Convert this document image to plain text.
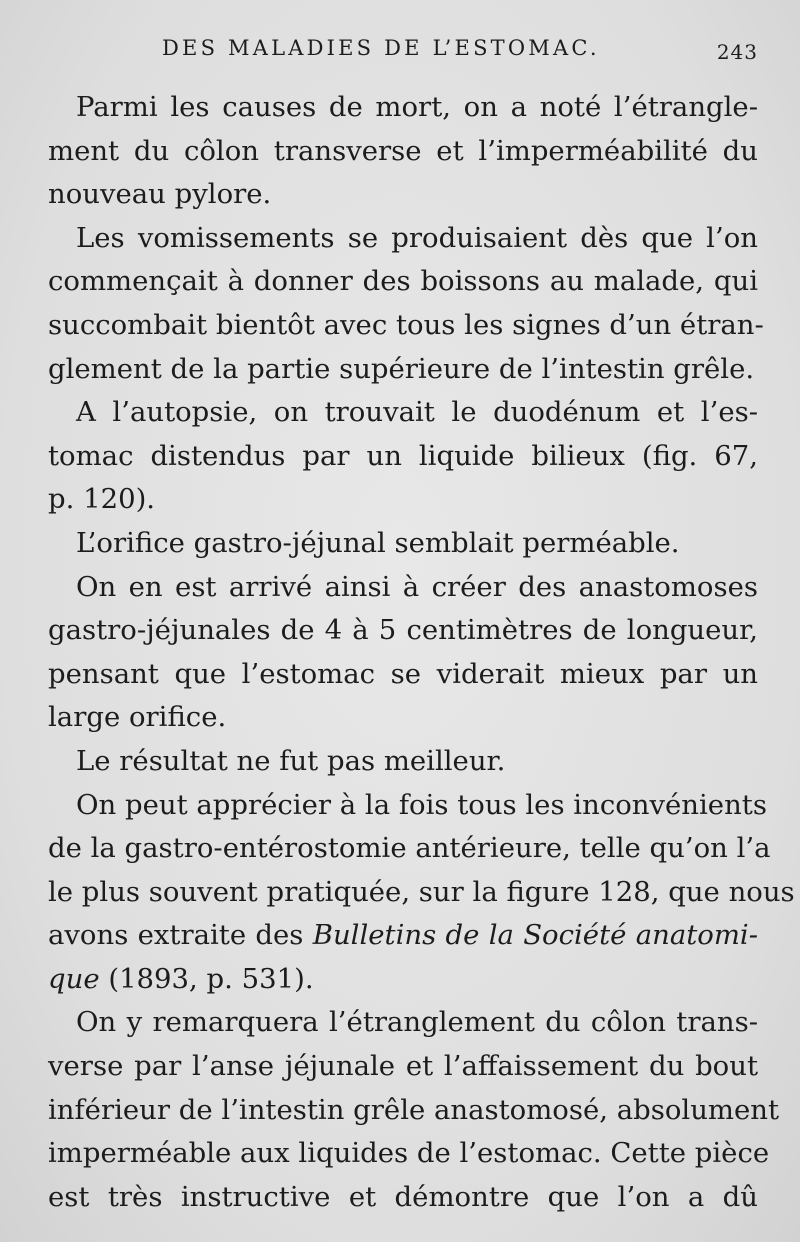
DES MALADIES DE L’ESTOMAC.	243

Parmi les causes de mort, on a noté l’étrangle-
ment du côlon transverse et l’imperméabilité du
nouveau pylore.

Les vomissements se produisaient dès que l’on
commençait à donner des boissons au malade, qui
succombait bientôt avec tous les signes d’un étran-
glement de la partie supérieure de l’intestin grêle.

A l’autopsie, on trouvait le duodénum et l’es-
tomac distendus par un liquide bilieux (fig. 67,
p. 120).

L’orifice gastro-jéjunal semblait perméable.

On en est arrivé ainsi à créer des anastomoses
gastro-jéjunales de 4 à 5 centimètres de longueur,
pensant que l’estomac se viderait mieux par un
large orifice.

Le résultat ne fut pas meilleur.

On peut apprécier à la fois tous les inconvénients
de la gastro-entérostomie antérieure, telle qu’on l’a
le plus souvent pratiquée, sur la figure 128, que nous
avons extraite des Bulletins de la Société anatomi-
que (1893, p. 531).

On y remarquera l’étranglement du côlon trans-
verse par l’anse jéjunale et l’affaissement du bout
inférieur de l’intestin grêle anastomosé, absolument
imperméable aux liquides de l’estomac. Cette pièce
est très instructive et démontre que l’on a dû
